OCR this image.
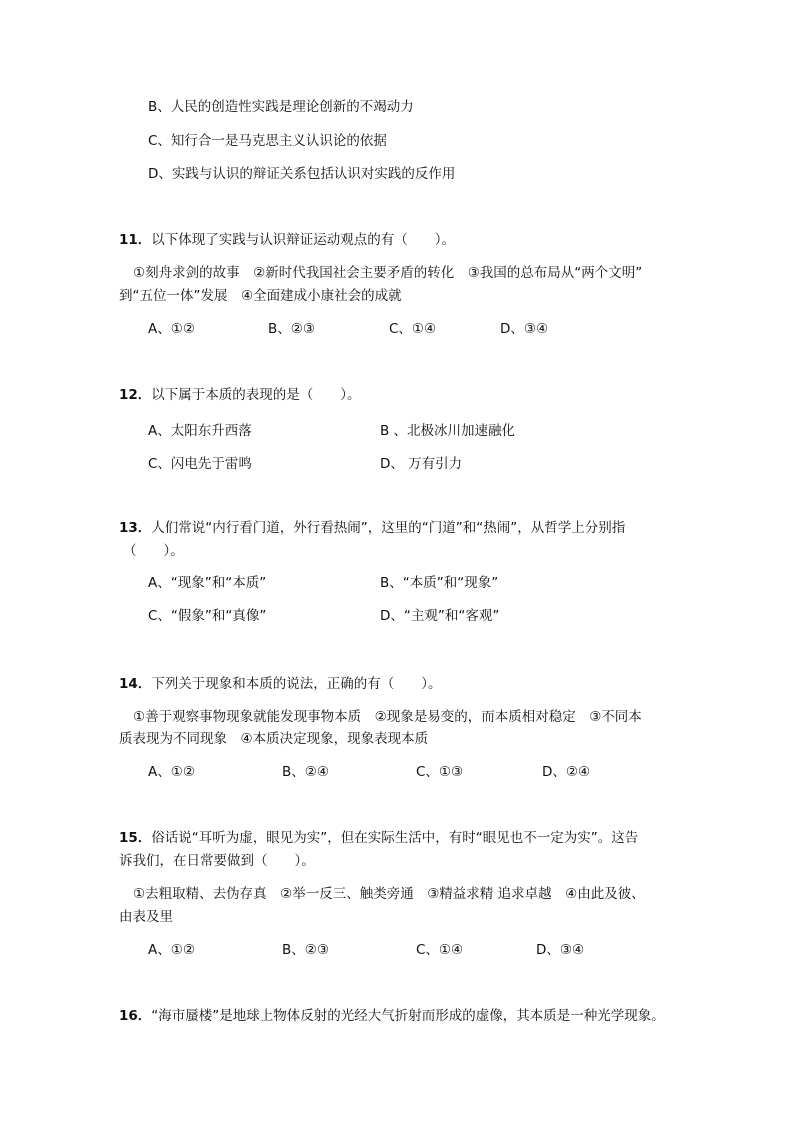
B、人民的创造性实践是理论创新的不竭动力
C、知行合一是马克思主义认识论的依据
D、实践与认识的辩证关系包括认识对实践的反作用
11．以下体现了实践与认识辩证运动观点的有（　　）。
①刻舟求剑的故事　②新时代我国社会主要矛盾的转化　③我国的总布局从“两个文明”
到“五位一体”发展　④全面建成小康社会的成就
A、①②	B、②③	C、①④	D、③④
12．以下属于本质的表现的是（　　）。
A、太阳东升西落	B 、北极冰川加速融化
C、闪电先于雷鸣	D、 万有引力
13．人们常说“内行看门道，外行看热闹”，这里的“门道”和“热闹”，从哲学上分别指
（　　）。
A、“现象”和“本质”	B、“本质”和“现象”
C、“假象”和“真像”	D、“主观”和“客观”
14．下列关于现象和本质的说法，正确的有（　　）。
①善于观察事物现象就能发现事物本质　②现象是易变的，而本质相对稳定　③不同本
质表现为不同现象　④本质决定现象，现象表现本质
A、①②	B、②④	C、①③	D、②④
15．俗话说“耳听为虚，眼见为实”，但在实际生活中，有时“眼见也不一定为实”。这告
诉我们，在日常要做到（　　）。
①去粗取精、去伪存真　②举一反三、触类旁通　③精益求精 追求卓越　④由此及彼、
由表及里
A、①②	B、②③	C、①④	D、③④
16．“海市蜃楼”是地球上物体反射的光经大气折射而形成的虚像，其本质是一种光学现象。
